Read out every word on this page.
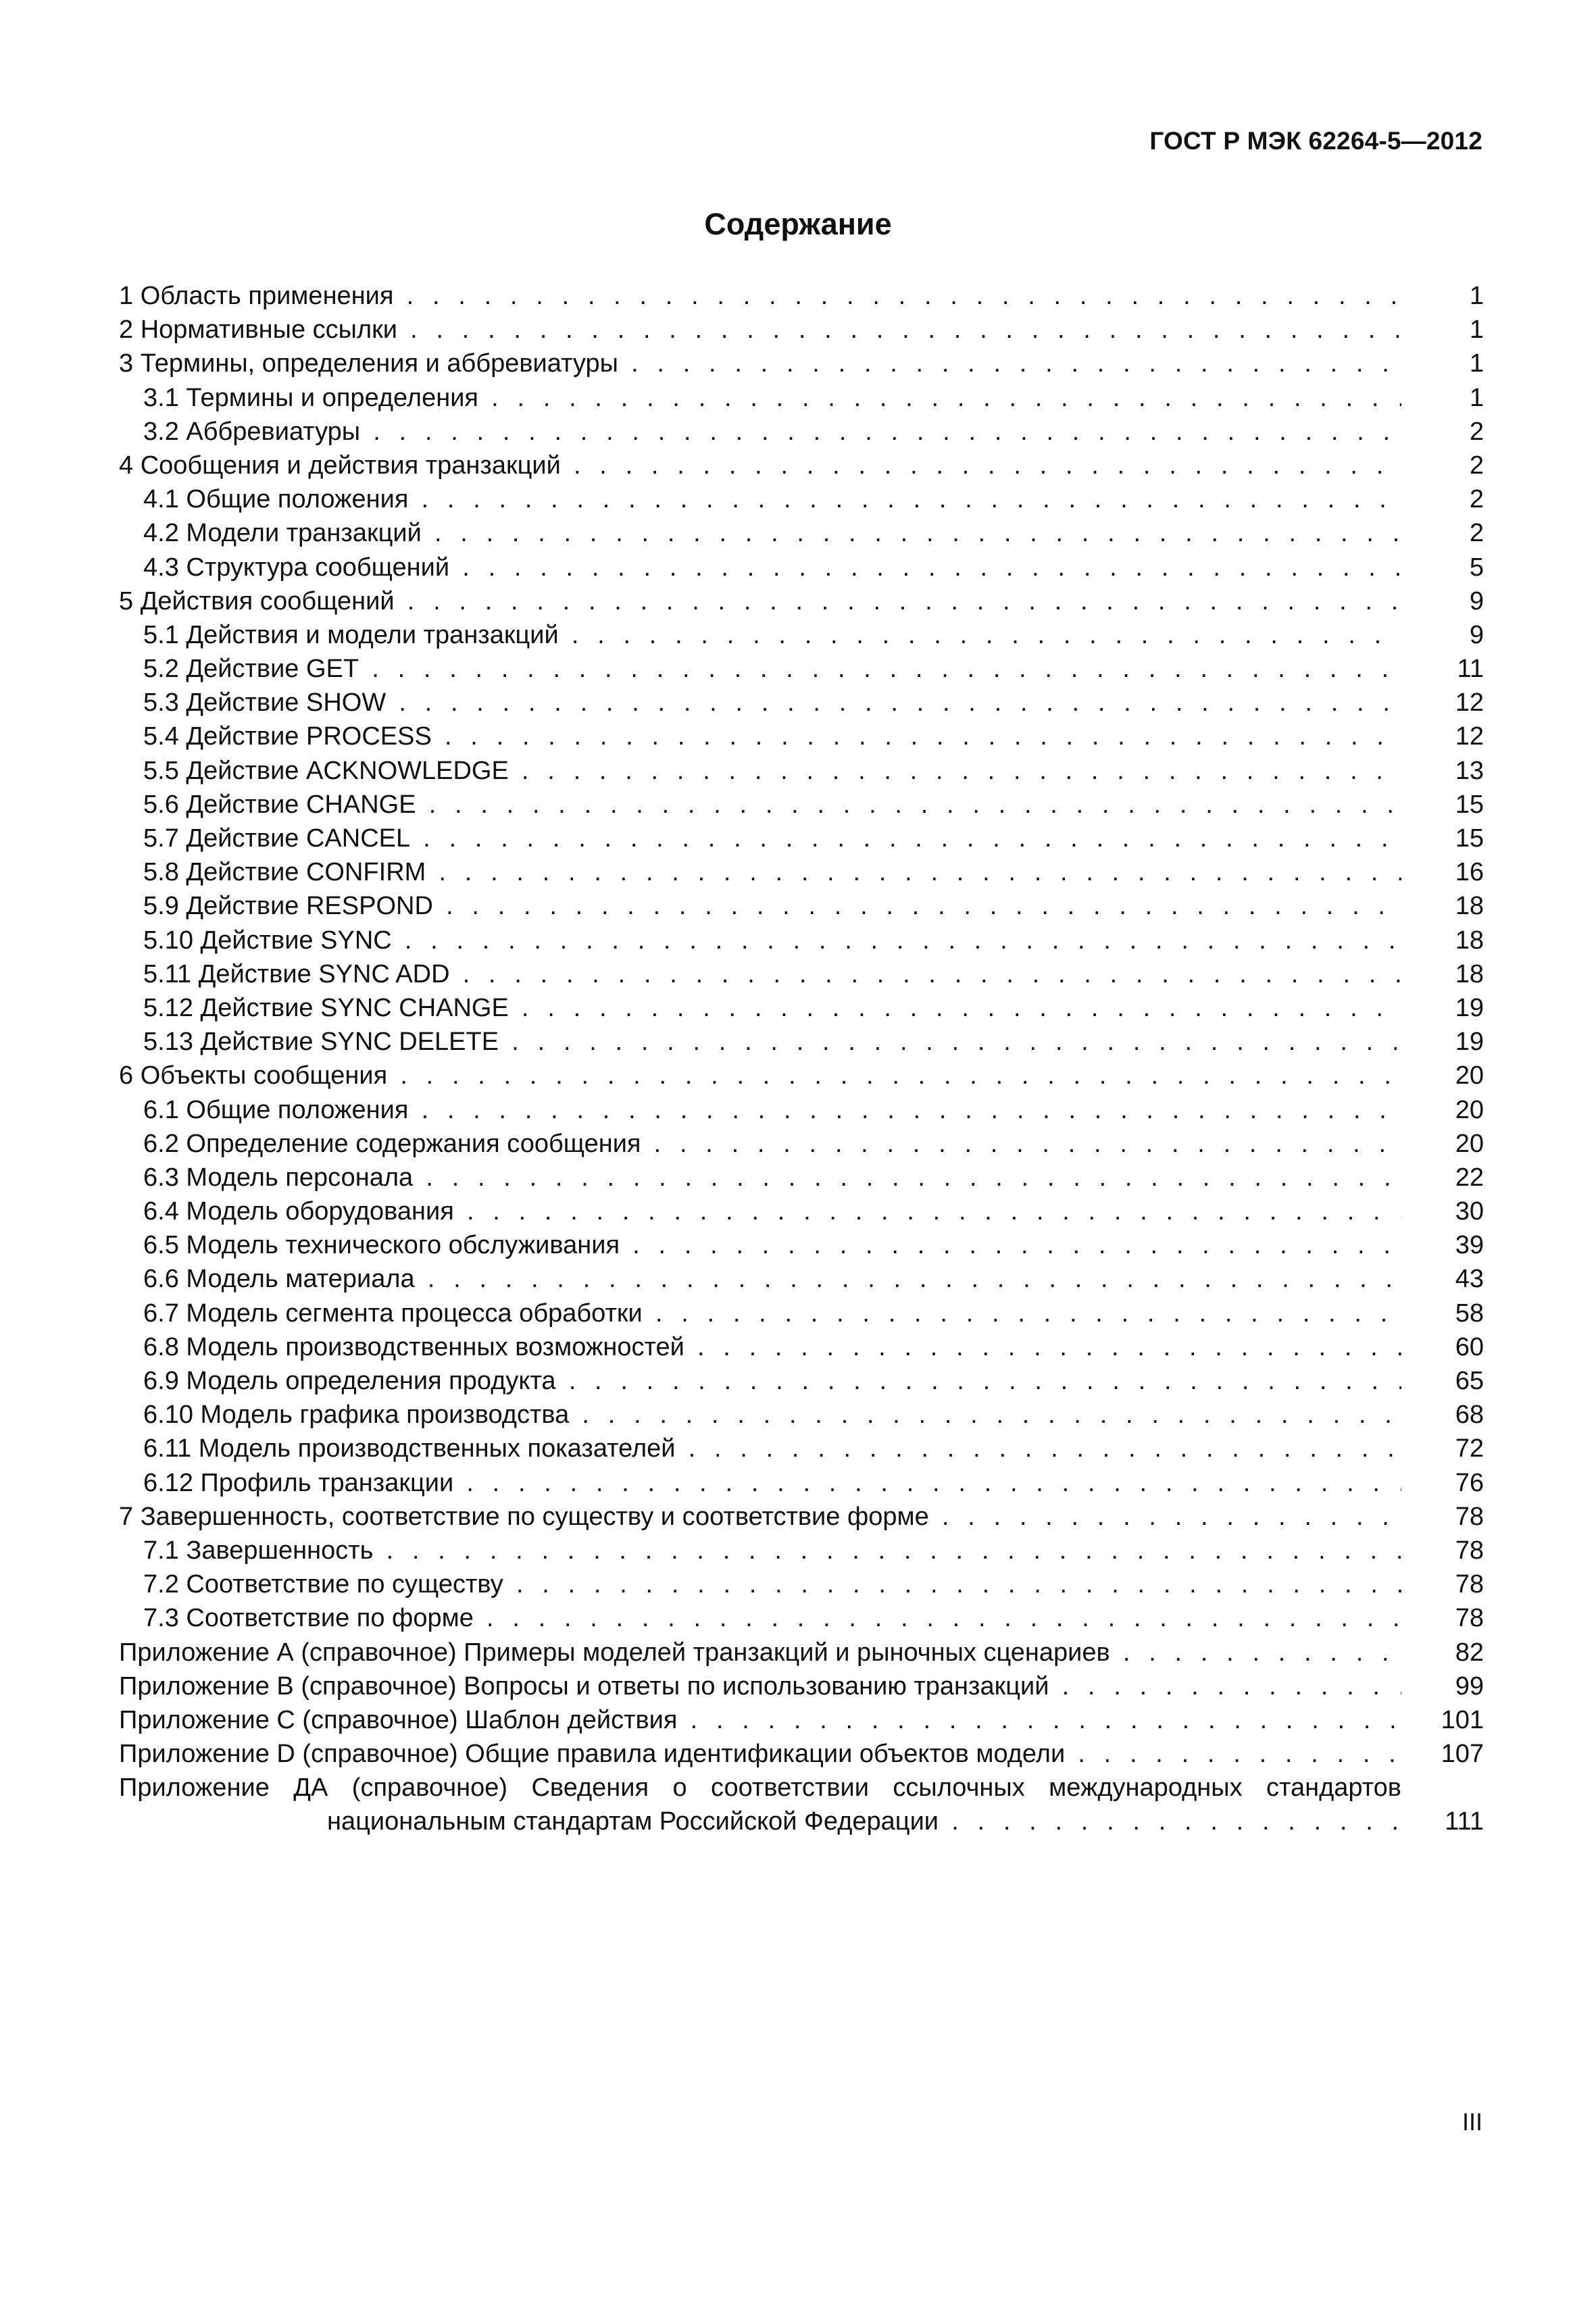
ГОСТ Р МЭК 62264-5—2012
Содержание
1 Область применения . . .	1
2 Нормативные ссылки . . .	1
3 Термины, определения и аббревиатуры . . .	1
3.1 Термины и определения . . .	1
3.2 Аббревиатуры . . .	2
4 Сообщения и действия транзакций . . .	2
4.1 Общие положения . . .	2
4.2 Модели транзакций . . .	2
4.3 Структура сообщений . . .	5
5 Действия сообщений . . .	9
5.1 Действия и модели транзакций . . .	9
5.2 Действие GET . . .	11
5.3 Действие SHOW . . .	12
5.4 Действие PROCESS . . .	12
5.5 Действие ACKNOWLEDGE . . .	13
5.6 Действие CHANGE . . .	15
5.7 Действие CANCEL . . .	15
5.8 Действие CONFIRM . . .	16
5.9 Действие RESPOND . . .	18
5.10 Действие SYNC . . .	18
5.11 Действие SYNC ADD . . .	18
5.12 Действие SYNC CHANGE . . .	19
5.13 Действие SYNC DELETE . . .	19
6 Объекты сообщения . . .	20
6.1 Общие положения . . .	20
6.2 Определение содержания сообщения . . .	20
6.3 Модель персонала . . .	22
6.4 Модель оборудования . . .	30
6.5 Модель технического обслуживания . . .	39
6.6 Модель материала . . .	43
6.7 Модель сегмента процесса обработки . . .	58
6.8 Модель производственных возможностей . . .	60
6.9 Модель определения продукта . . .	65
6.10 Модель графика производства . . .	68
6.11 Модель производственных показателей . . .	72
6.12 Профиль транзакции . . .	76
7 Завершенность, соответствие по существу и соответствие форме . . .	78
7.1 Завершенность . . .	78
7.2 Соответствие по существу . . .	78
7.3 Соответствие по форме . . .	78
Приложение А (справочное) Примеры моделей транзакций и рыночных сценариев . . .	82
Приложение В (справочное) Вопросы и ответы по использованию транзакций . . .	99
Приложение С (справочное) Шаблон действия . . .	101
Приложение D (справочное) Общие правила идентификации объектов модели . . .	107
Приложение ДА (справочное) Сведения о соответствии ссылочных международных стандартов
национальным стандартам Российской Федерации . . .	111
III
